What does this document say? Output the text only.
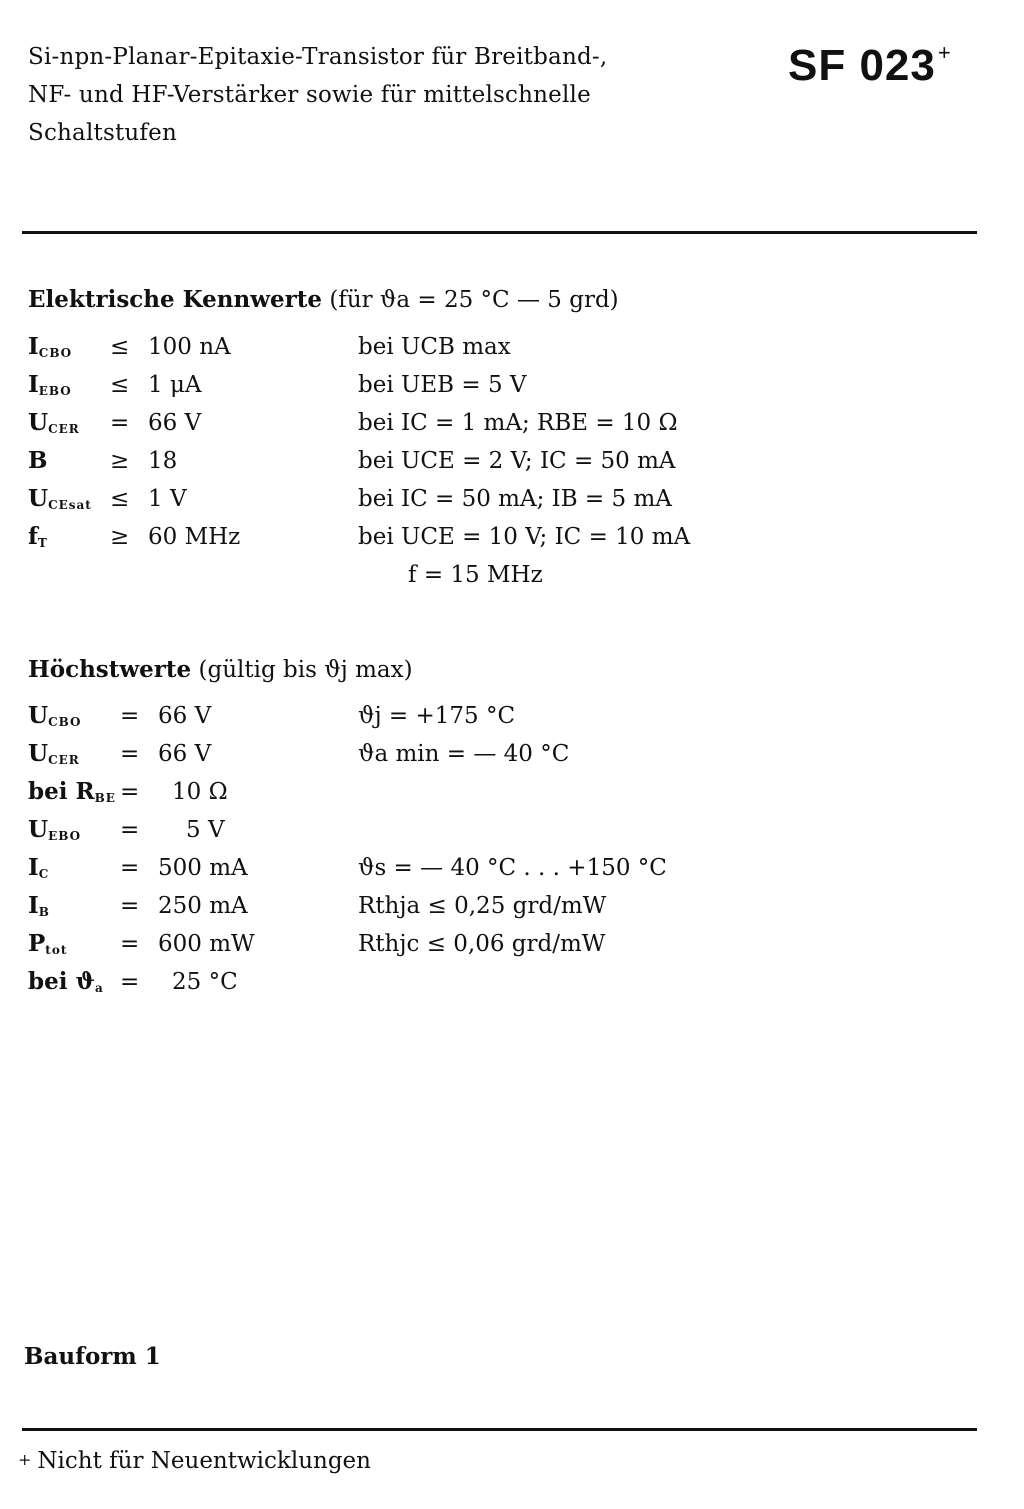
Si-npn-Planar-Epitaxie-Transistor für Breitband-,
NF- und HF-Verstärker sowie für mittelschnelle
Schaltstufen
SF 023+
Elektrische Kennwerte (für ϑa = 25 °C — 5 grd)
$I_{CBO} \le 100$ nA	bei UCB max
$I_{EBO} \le 1$ μA	bei UEB = 5 V
$U_{CER} = 66$ V	bei IC = 1 mA; RBE = 10 Ω
B	≥ 18	bei UCE = 2 V; IC = 50 mA
$U_{CEsat} \le 1$ V	bei IC = 50 mA; IB = 5 mA
$f_T$	≥ 60 MHz	bei UCE = 10 V; IC = 10 mA
f = 15 MHz
Höchstwerte (gültig bis ϑj max)
$U_{CBO} = 66$ V	ϑj = +175 °C
$U_{CER} = 66$ V	ϑa min = — 40 °C
bei $R_{BE} = 10$ Ω
$U_{EBO} = 5$ V
$I_C$	= 500 mA	ϑs = — 40 °C . . . +150 °C
$I_B$	= 250 mA	Rthja ≤ 0,25 grd/mW
$P_{tot} = 600$ mW	Rthjc ≤ 0,06 grd/mW
bei $ϑ_a = 25$ °C
Bauform 1
+ Nicht für Neuentwicklungen
